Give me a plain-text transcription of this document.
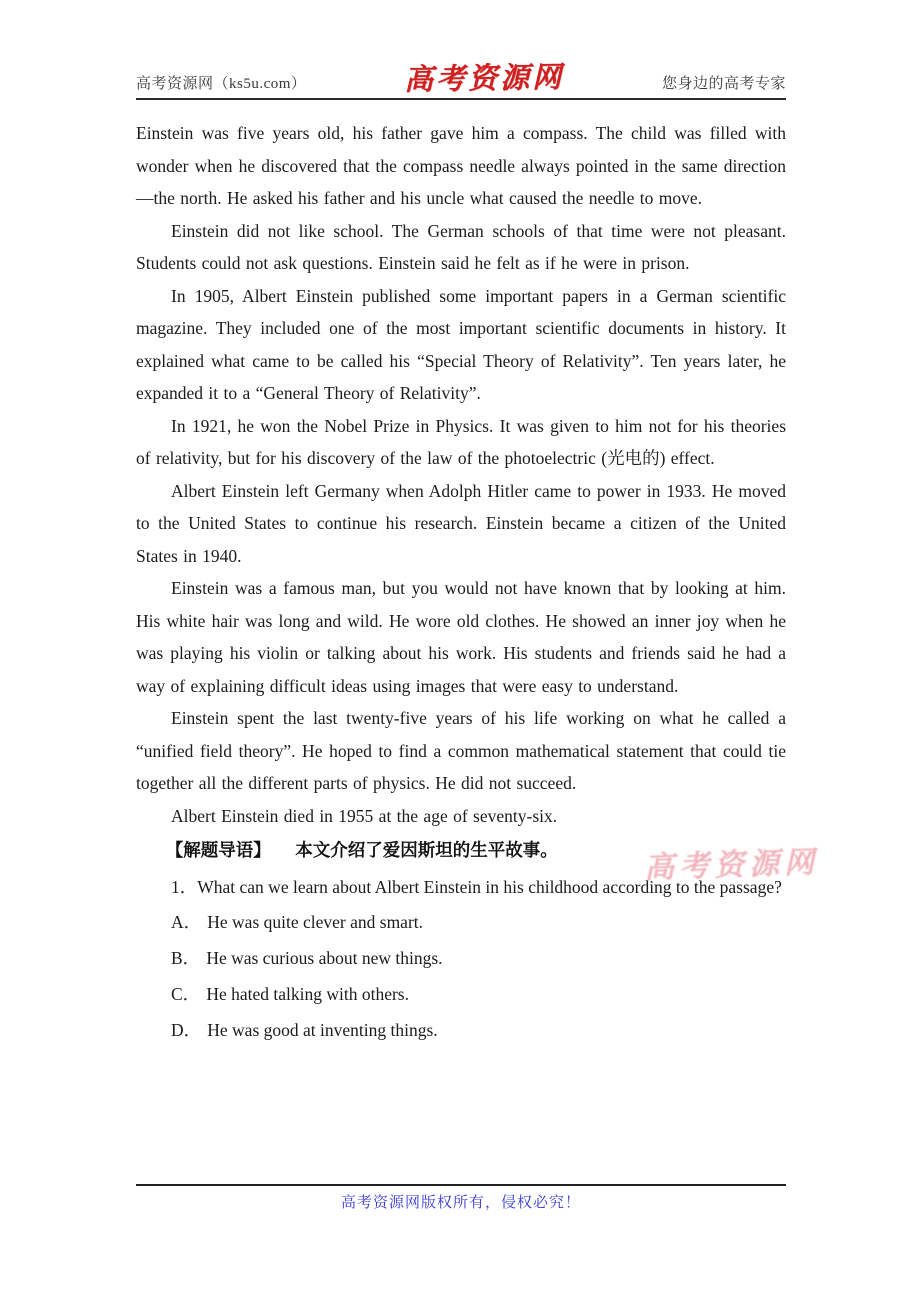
高考资源网（ks5u.com）	高考资源网	您身边的高考专家

Einstein was five years old, his father gave him a compass. The child was filled with wonder when he discovered that the compass needle always pointed in the same direction—the north. He asked his father and his uncle what caused the needle to move.

Einstein did not like school. The German schools of that time were not pleasant. Students could not ask questions. Einstein said he felt as if he were in prison.

In 1905, Albert Einstein published some important papers in a German scientific magazine. They included one of the most important scientific documents in history. It explained what came to be called his “Special Theory of Relativity”. Ten years later, he expanded it to a “General Theory of Relativity”.

In 1921, he won the Nobel Prize in Physics. It was given to him not for his theories of relativity, but for his discovery of the law of the photoelectric (光电的) effect.

Albert Einstein left Germany when Adolph Hitler came to power in 1933. He moved to the United States to continue his research. Einstein became a citizen of the United States in 1940.

Einstein was a famous man, but you would not have known that by looking at him. His white hair was long and wild. He wore old clothes. He showed an inner joy when he was playing his violin or talking about his work. His students and friends said he had a way of explaining difficult ideas using images that were easy to understand.

Einstein spent the last twenty-five years of his life working on what he called a “unified field theory”. He hoped to find a common mathematical statement that could tie together all the different parts of physics. He did not succeed.

Albert Einstein died in 1955 at the age of seventy-six.

【解题导语】 本文介绍了爱因斯坦的生平故事。

1．What can we learn about Albert Einstein in his childhood according to the passage?

A． He was quite clever and smart.

B． He was curious about new things.

C． He hated talking with others.

D． He was good at inventing things.

高考资源网
高考资源网版权所有，侵权必究！
